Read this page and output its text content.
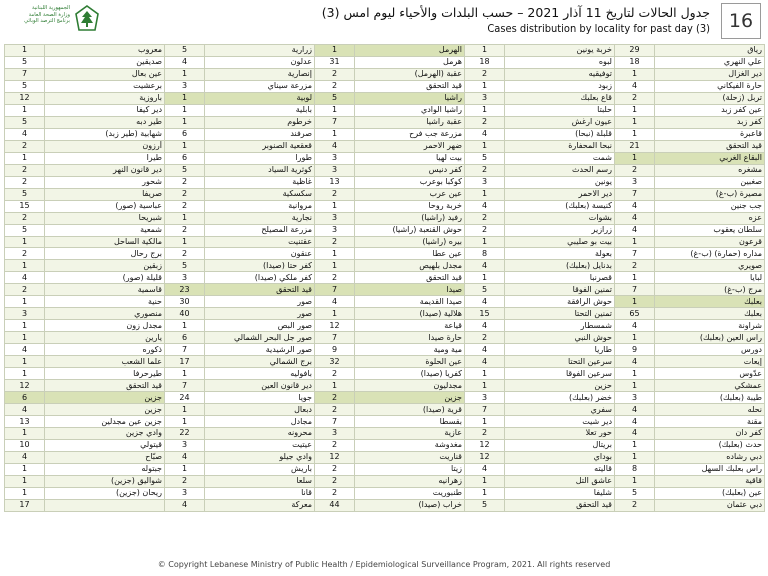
الجمهورية اللبنانية
وزارة الصحة العامة
برنامج الترصد الوبائي
جدول الحالات لتاريخ 11 آذار 2021 – حسب البلدات والأحياء ليوم امس (3)
Cases distribution by locality for past day (3) 16
رياق	29	خربة يونين	1	الهرمل	1	زرارية	5	معروب	1
علي النهري	18	لبوه	18	هرمل	31	عدلون	4	صديقين	5
دير الغزال	1	توفيقيه	2	عقبة (الهرمل)	2	إنصارية	1	عين بعال	7
حارة الفيكاني	4	زبود	1	قيد التحقق	2	مزرعة سيناي	3	برعشيت	5
تربل (زحلة)	2	قاع بعلبك	3	راشيا	5	لوبية	1	باروزية	12
عين كفر زبد	1	حلبتا	1	راشيا الوادي	1	بابلية	1	دير كيفا	1
كفر زبد	1	عيون ارغش	2	عقبة راشيا	7	خرطوم	1	طير دبه	5
قاعبرة	1	قلبلة (نبحا)	4	مزرعة جب فرح	1	صرفند	6	شهابية (طير زبد)	4
قيد التحقق	21	نبحا المحفارة	1	ضهر الاحمر	4	قعقعية الصنوبر	1	أرزون	2
البقاع الغربي	1	شمت	5	بيت لهيا	3	طورا	6	طيرا	1
مشغره	2	رسم الحدث	2	كفر دنيس	3	كوثرية السياد	5	دير قانون النهر	2
صغبين	3	يونين	3	كوكبا بوعرب	13	غاظية	2	شحور	2
مصيرة (ب-غ)	7	دير الاحمر	1	عين عرب	2	سكسكية	2	صريفا	5
جب جنين	4	كنيسة (بعلبك)	4	خربة روحا	1	مروانية	2	عباسية (صور)	15
عزه	4	بشوات	2	رفيد (راشيا)	3	نجارية	1	شبريحا	2
سلطان يعقوب	4	زرازير	2	حوش القنعبة (راشيا)	3	مزرعة المصيلح	2	شمعية	5
قرعون	1	بيت بو صليبي	1	بيره (راشيا)	2	عقتنيت	1	مالكية الساحل	1
مداره (حمارة) (ب-غ)	7	بعولة	8	عين عطا	1	عنقون	2	برج رحال	2
صويري	2	بدنايل (بعلبك)	4	مجدل بلهيص	1	كفر حتا (صيدا)	5	زبقين	1
لبايا	1	قصرنبا	1	قيد التحقق	2	كفر ملكي (صيدا)	3	قليلة (صور)	4
مرج (ب-غ)	7	تمنين الفوقا	5	صيدا	7	قيد التحقق	23	قاسمية	2
بعلبك	1	حوش الرافقة	4	صيدا القديمة	4	صور	30	حنية	1
بعلبك	65	تمنين التحتا	15	هلالية (صيدا)	1	صور	40	منصوري	3
شراونة	4	شمسطار	4	قياعة	12	صور البص	1	مجدل زون	1
راس العين (بعلبك)	1	حوش النبي	2	حارة صيدا	7	صور جل البحر الشمالي	6	يارين	1
دورس	9	طاريا	4	مية ومية	9	صور الرشيدية	7	ذكوره	4
إيعات	4	سرعين التحتا	4	عين الحلوة	32	برج الشمالي	17	علما الشعب	1
عدّوس	1	سرعين الفوقا	1	كفريا (صيدا)	2	بافوليه	1	طيرحرفا	1
عمشكي	1	حزين	1	مجدليون	1	دير قانون العين	7	قيد التحقق	12
طيبة (بعلبك)	3	خضر (بعلبك)	3	جزين	2	جويا	24	جزين	6
نحله	4	سفري	7	قرية (صيدا)	2	دبعال	1	جزين	4
مقنة	4	دير شيت	1	بقسطا	7	مجادل	1	جزين عين مجدلين	13
كفر دان	4	حور تعلا	2	عازية	3	محرونه	22	وادي جزين	1
حدث (بعلبك)	1	بريتال	12	مغدوشة	2	عيتيت	3	قيتولي	10
دبي رشاده	1	بوداي	12	قناريت	12	وادي جيلو	4	صبّاح	4
راس بعلبك السهل	8	قاليته	4	زيتا	2	باريش	1	جبتوله	1
قاقية	1	عاشق التل	1	زهرانيه	2	سلعا	2	شواليق (جزين)	1
عين (بعلبك)	5	شليفا	1	طنبوريت	2	قانا	3	ريحان (جزين)	1
دبي عثمان	2	قيد التحقق	5	خراب (صيدا)	44	معركة	4		17
© Copyright Lebanese Ministry of Public Health / Epidemiological Surveillance Program, 2021. All rights reserved
